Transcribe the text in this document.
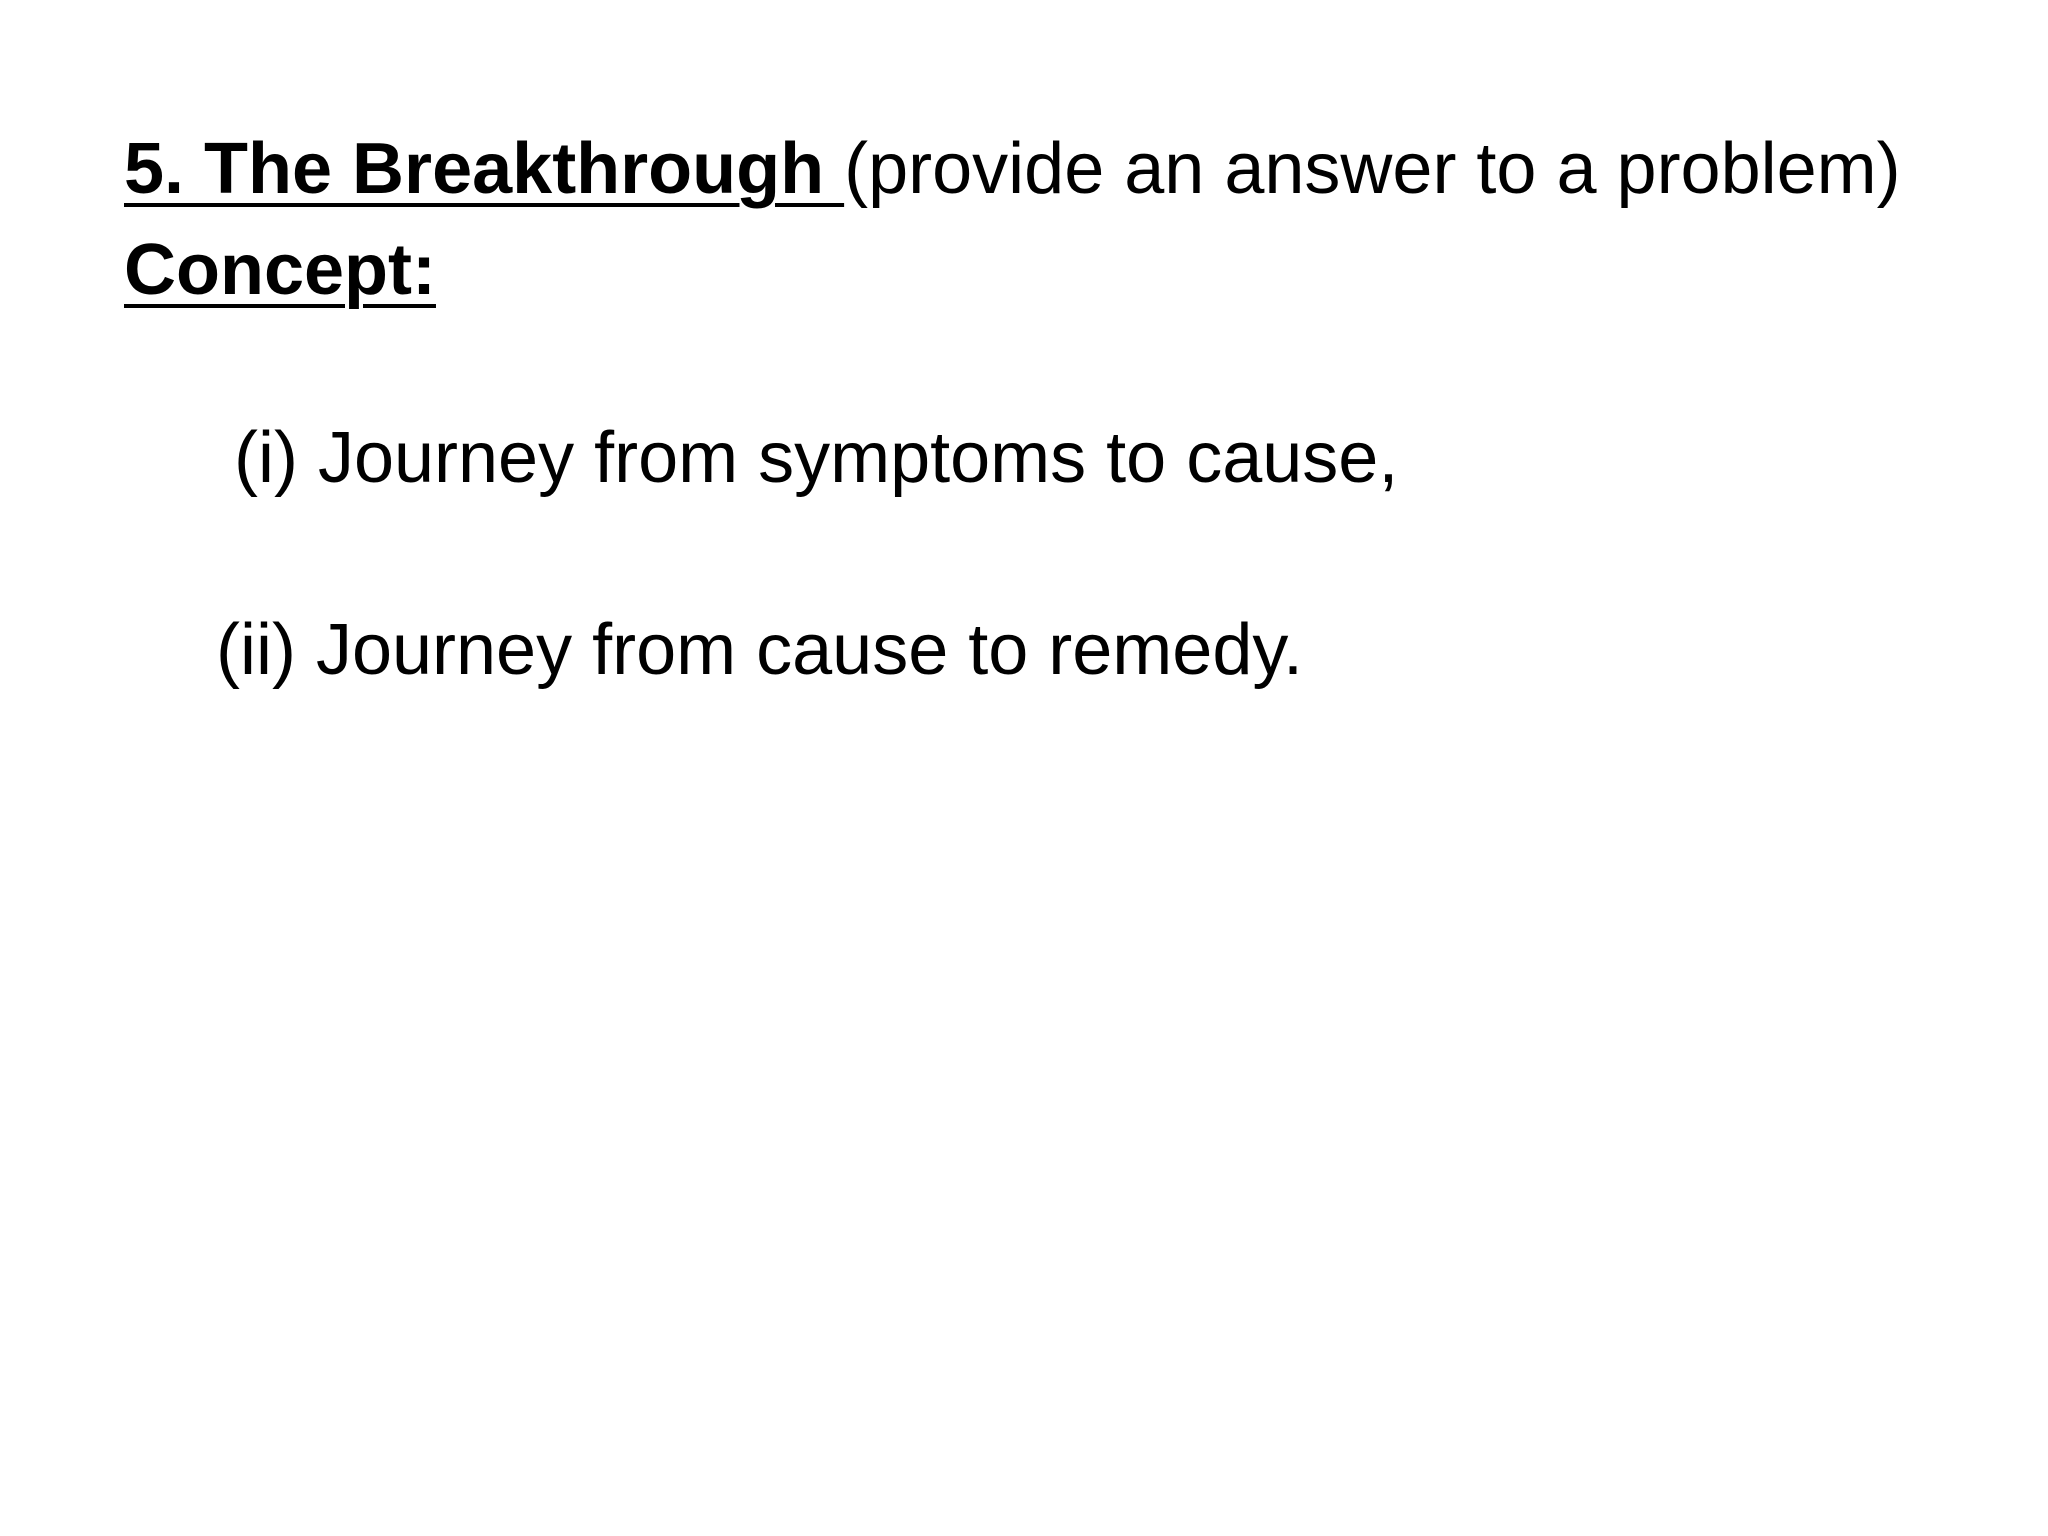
5. The Breakthrough (provide an answer to a problem)
Concept:
(i) Journey from symptoms to cause,
(ii) Journey from cause to remedy.
